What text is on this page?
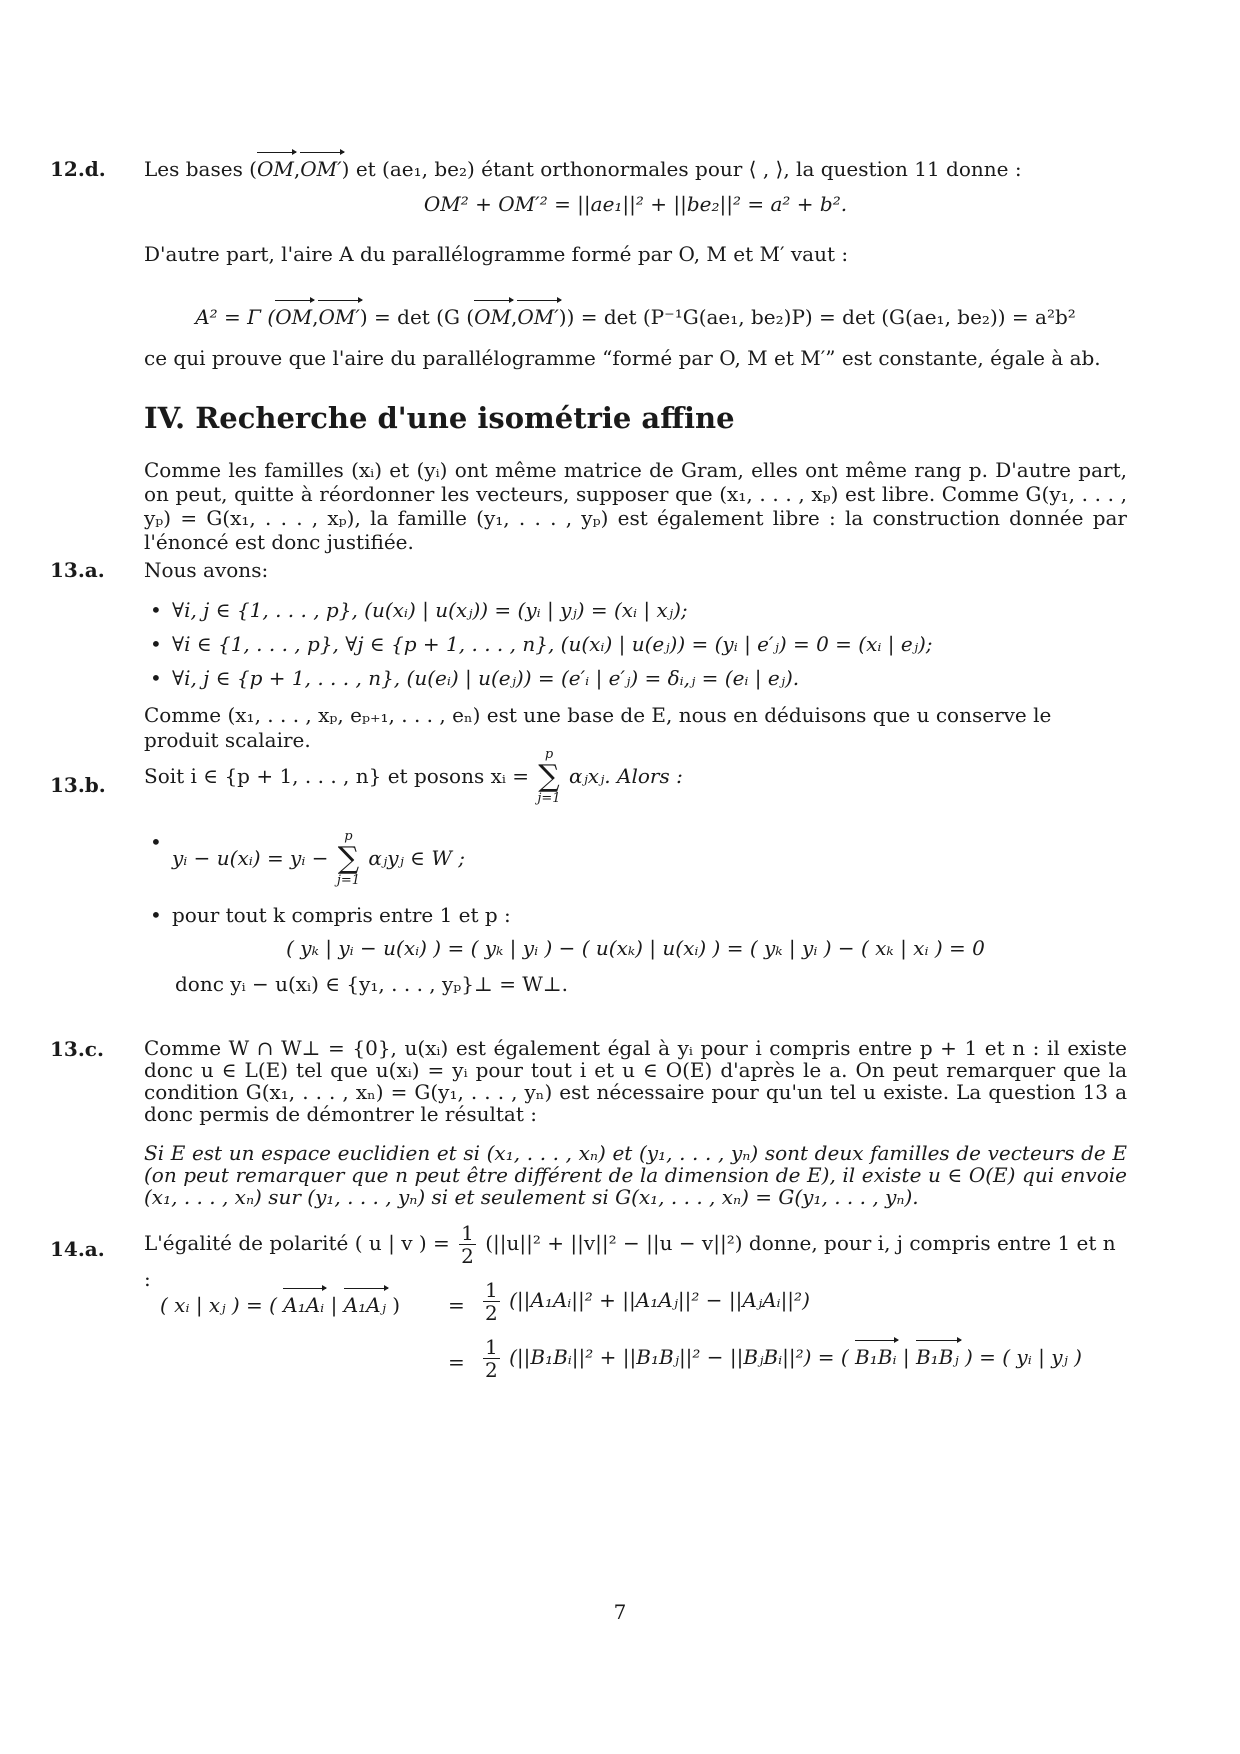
12.d. Les bases (OM,OM′) et (ae₁, be₂) étant orthonormales pour ⟨ , ⟩, la question 11 donne :
OM² + OM′² = ||ae₁||² + ||be₂||² = a² + b².
D'autre part, l'aire A du parallélogramme formé par O, M et M′ vaut :
A² = Γ (OM,OM′) = det (G (OM,OM′)) = det (P⁻¹G(ae₁, be₂)P) = det (G(ae₁, be₂)) = a²b²
ce qui prouve que l'aire du parallélogramme “formé par O, M et M′” est constante, égale à ab.
IV. Recherche d'une isométrie affine
Comme les familles (xᵢ) et (yᵢ) ont même matrice de Gram, elles ont même rang p. D'autre part, on peut, quitte à réordonner les vecteurs, supposer que (x₁, . . . , xₚ) est libre. Comme G(y₁, . . . , yₚ) = G(x₁, . . . , xₚ), la famille (y₁, . . . , yₚ) est également libre : la construction donnée par l'énoncé est donc justifiée.
13.a. Nous avons:
• ∀i, j ∈ {1, . . . , p}, (u(xᵢ) | u(xⱼ)) = (yᵢ | yⱼ) = (xᵢ | xⱼ);
• ∀i ∈ {1, . . . , p}, ∀j ∈ {p + 1, . . . , n}, (u(xᵢ) | u(eⱼ)) = (yᵢ | e′ⱼ) = 0 = (xᵢ | eⱼ);
• ∀i, j ∈ {p + 1, . . . , n}, (u(eᵢ) | u(eⱼ)) = (e′ᵢ | e′ⱼ) = δᵢ,ⱼ = (eᵢ | eⱼ).
Comme (x₁, . . . , xₚ, eₚ₊₁, . . . , eₙ) est une base de E, nous en déduisons que u conserve le produit scalaire.
13.b. Soit i ∈ {p + 1, . . . , n} et posons xᵢ =
p
∑
j=1
αⱼxⱼ. Alors :
• yᵢ − u(xᵢ) = yᵢ −
p
∑
j=1
αⱼyⱼ ∈ W ;
• pour tout k compris entre 1 et p :
( yₖ | yᵢ − u(xᵢ) ) = ( yₖ | yᵢ ) − ( u(xₖ) | u(xᵢ) ) = ( yₖ | yᵢ ) − ( xₖ | xᵢ ) = 0
donc yᵢ − u(xᵢ) ∈ {y₁, . . . , yₚ}⊥ = W⊥.
13.c. Comme W ∩ W⊥ = {0}, u(xᵢ) est également égal à yᵢ pour i compris entre p + 1 et n : il existe donc u ∈ L(E) tel que u(xᵢ) = yᵢ pour tout i et u ∈ O(E) d'après le a. On peut remarquer que la condition G(x₁, . . . , xₙ) = G(y₁, . . . , yₙ) est nécessaire pour qu'un tel u existe. La question 13 a donc permis de démontrer le résultat :
Si E est un espace euclidien et si (x₁, . . . , xₙ) et (y₁, . . . , yₙ) sont deux familles de vecteurs de E (on peut remarquer que n peut être différent de la dimension de E), il existe u ∈ O(E) qui envoie (x₁, . . . , xₙ) sur (y₁, . . . , yₙ) si et seulement si G(x₁, . . . , xₙ) = G(y₁, . . . , yₙ).
14.a. L'égalité de polarité ( u | v ) = $\frac{1}{2} (||u||^2 + ||v||^2 - ||u - v||^2)$ donne, pour i, j compris entre 1 et n :
( xᵢ | xⱼ ) = ( A₁Aᵢ | A₁Aⱼ ) = $\frac{1}{2}$ (||A₁Aᵢ||² + ||A₁Aⱼ||² − ||AⱼAᵢ||²)
= $\frac{1}{2}$ (||B₁Bᵢ||² + ||B₁Bⱼ||² − ||BⱼBᵢ||²) = ( B₁Bᵢ | B₁Bⱼ ) = ( yᵢ | yⱼ )
7
